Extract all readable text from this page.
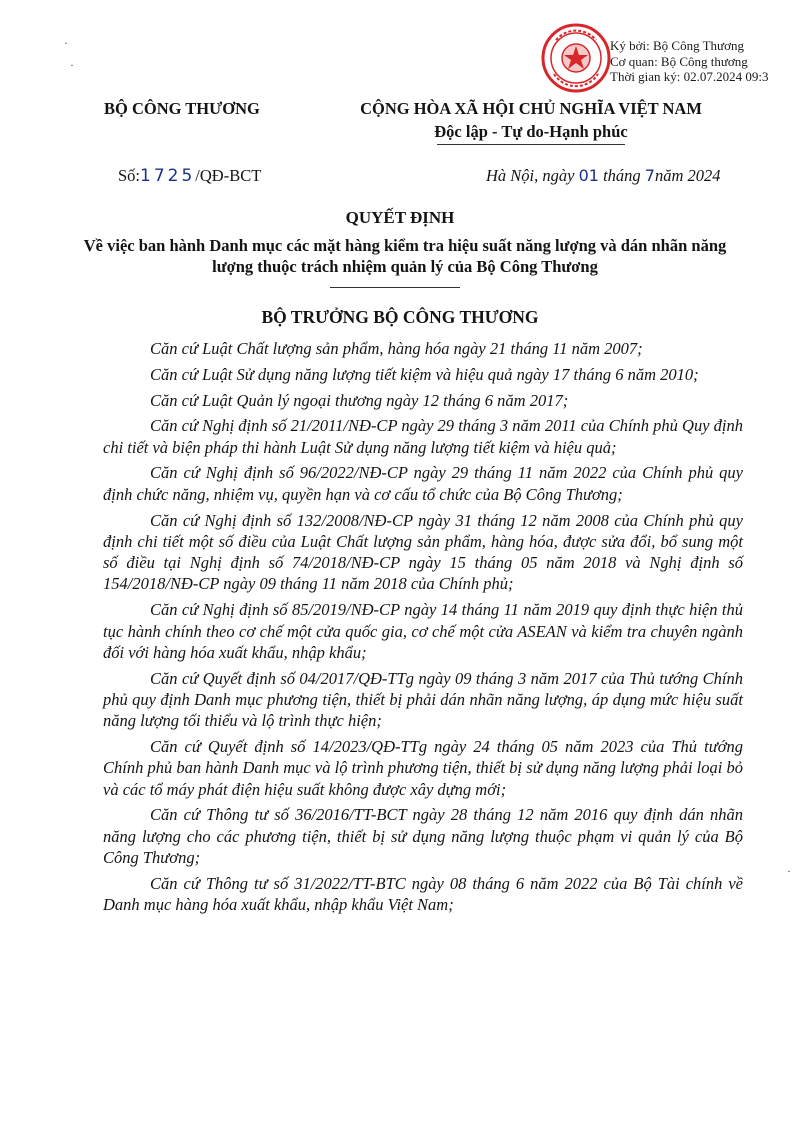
Ký bởi: Bộ Công Thương
Cơ quan: Bộ Công thương
Thời gian ký: 02.07.2024 09:3
·
·
·
BỘ CÔNG THƯƠNG	CỘNG HÒA XÃ HỘI CHỦ NGHĨA VIỆT NAM
Độc lập - Tự do-Hạnh phúc
Số:1725/QĐ-BCT	Hà Nội, ngày 01 tháng 7năm 2024
QUYẾT ĐỊNH
Về việc ban hành Danh mục các mặt hàng kiểm tra hiệu suất năng lượng và dán nhãn năng lượng thuộc trách nhiệm quản lý của Bộ Công Thương
BỘ TRƯỞNG BỘ CÔNG THƯƠNG

Căn cứ Luật Chất lượng sản phẩm, hàng hóa ngày 21 tháng 11 năm 2007;

Căn cứ Luật Sử dụng năng lượng tiết kiệm và hiệu quả ngày 17 tháng 6 năm 2010;

Căn cứ Luật Quản lý ngoại thương ngày 12 tháng 6 năm 2017;

Căn cứ Nghị định số 21/2011/NĐ-CP ngày 29 tháng 3 năm 2011 của Chính phủ Quy định chi tiết và biện pháp thi hành Luật Sử dụng năng lượng tiết kiệm và hiệu quả;

Căn cứ Nghị định số 96/2022/NĐ-CP ngày 29 tháng 11 năm 2022 của Chính phủ quy định chức năng, nhiệm vụ, quyền hạn và cơ cấu tổ chức của Bộ Công Thương;

Căn cứ Nghị định số 132/2008/NĐ-CP ngày 31 tháng 12 năm 2008 của Chính phủ quy định chi tiết một số điều của Luật Chất lượng sản phẩm, hàng hóa, được sửa đổi, bổ sung một số điều tại Nghị định số 74/2018/NĐ-CP ngày 15 tháng 05 năm 2018 và Nghị định số 154/2018/NĐ-CP ngày 09 tháng 11 năm 2018 của Chính phủ;

Căn cứ Nghị định số 85/2019/NĐ-CP ngày 14 tháng 11 năm 2019 quy định thực hiện thủ tục hành chính theo cơ chế một cửa quốc gia, cơ chế một cửa ASEAN và kiểm tra chuyên ngành đối với hàng hóa xuất khẩu, nhập khẩu;

Căn cứ Quyết định số 04/2017/QĐ-TTg ngày 09 tháng 3 năm 2017 của Thủ tướng Chính phủ quy định Danh mục phương tiện, thiết bị phải dán nhãn năng lượng, áp dụng mức hiệu suất năng lượng tối thiểu và lộ trình thực hiện;

Căn cứ Quyết định số 14/2023/QĐ-TTg ngày 24 tháng 05 năm 2023 của Thủ tướng Chính phủ ban hành Danh mục và lộ trình phương tiện, thiết bị sử dụng năng lượng phải loại bỏ và các tổ máy phát điện hiệu suất không được xây dựng mới;

Căn cứ Thông tư số 36/2016/TT-BCT ngày 28 tháng 12 năm 2016 quy định dán nhãn năng lượng cho các phương tiện, thiết bị sử dụng năng lượng thuộc phạm vi quản lý của Bộ Công Thương;

Căn cứ Thông tư số 31/2022/TT-BTC ngày 08 tháng 6 năm 2022 của Bộ Tài chính về Danh mục hàng hóa xuất khẩu, nhập khẩu Việt Nam;
